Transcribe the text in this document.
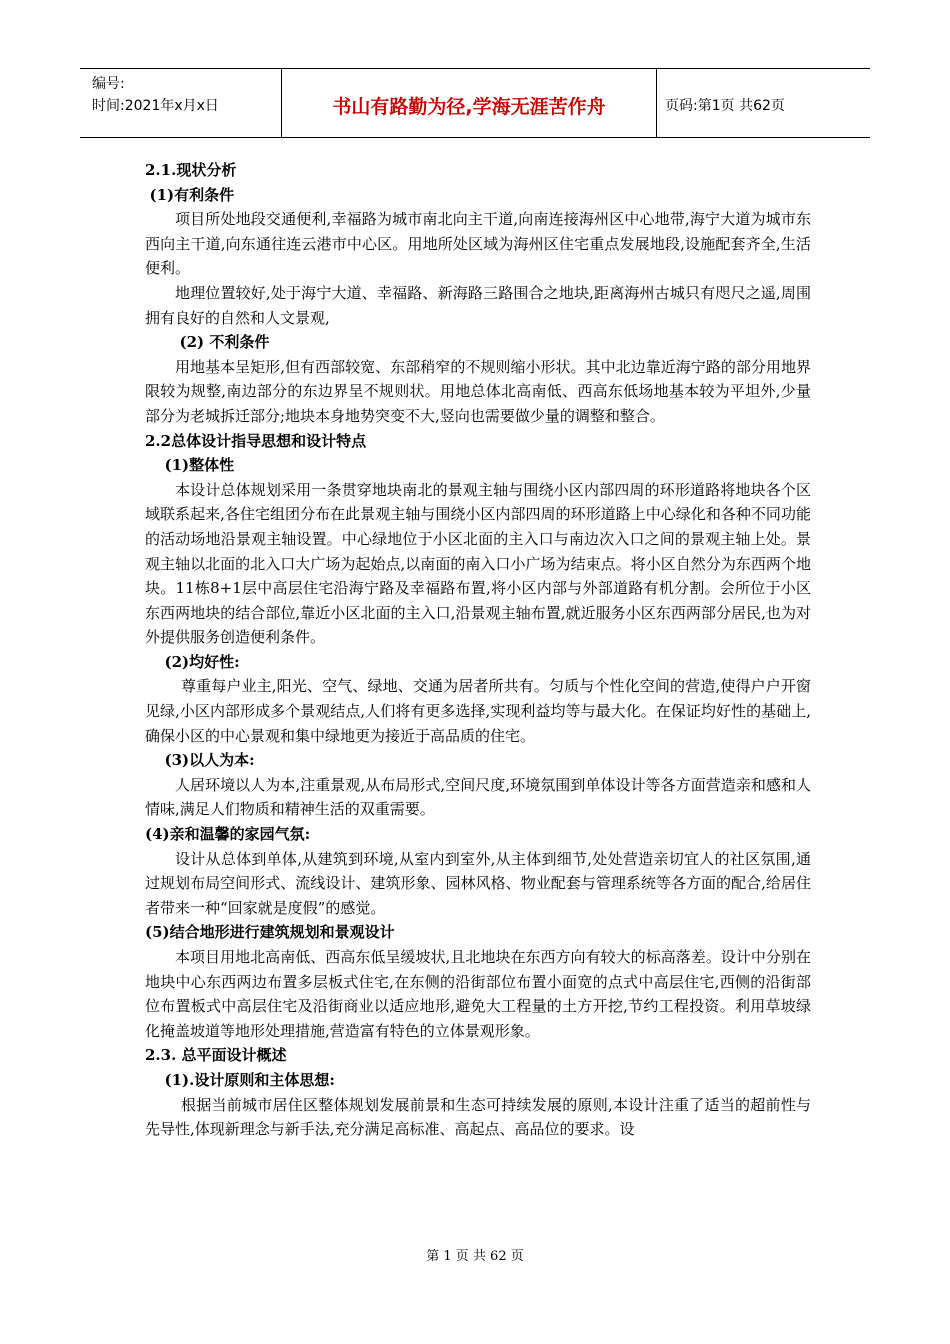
编号:
时间:2021年x月x日	书山有路勤为径,学海无涯苦作舟	页码:第1页 共62页

2.1.现状分析

(1)有利条件

项目所处地段交通便利,幸福路为城市南北向主干道,向南连接海州区中心地带,海宁大道为城市东西向主干道,向东通往连云港市中心区。用地所处区域为海州区住宅重点发展地段,设施配套齐全,生活便利。

地理位置较好,处于海宁大道、幸福路、新海路三路围合之地块,距离海州古城只有咫尺之遥,周围拥有良好的自然和人文景观,

(2) 不利条件

用地基本呈矩形,但有西部较宽、东部稍窄的不规则缩小形状。其中北边靠近海宁路的部分用地界限较为规整,南边部分的东边界呈不规则状。用地总体北高南低、西高东低场地基本较为平坦外,少量部分为老城拆迁部分;地块本身地势突变不大,竖向也需要做少量的调整和整合。

2.2总体设计指导思想和设计特点

(1)整体性

本设计总体规划采用一条贯穿地块南北的景观主轴与围绕小区内部四周的环形道路将地块各个区域联系起来,各住宅组团分布在此景观主轴与围绕小区内部四周的环形道路上中心绿化和各种不同功能的活动场地沿景观主轴设置。中心绿地位于小区北面的主入口与南边次入口之间的景观主轴上处。景观主轴以北面的北入口大广场为起始点,以南面的南入口小广场为结束点。将小区自然分为东西两个地块。11栋8+1层中高层住宅沿海宁路及幸福路布置,将小区内部与外部道路有机分割。会所位于小区东西两地块的结合部位,靠近小区北面的主入口,沿景观主轴布置,就近服务小区东西两部分居民,也为对外提供服务创造便利条件。

(2)均好性:

尊重每户业主,阳光、空气、绿地、交通为居者所共有。匀质与个性化空间的营造,使得户户开窗见绿,小区内部形成多个景观结点,人们将有更多选择,实现利益均等与最大化。在保证均好性的基础上,确保小区的中心景观和集中绿地更为接近于高品质的住宅。

(3)以人为本:

人居环境以人为本,注重景观,从布局形式,空间尺度,环境氛围到单体设计等各方面营造亲和感和人情味,满足人们物质和精神生活的双重需要。

(4)亲和温馨的家园气氛:

设计从总体到单体,从建筑到环境,从室内到室外,从主体到细节,处处营造亲切宜人的社区氛围,通过规划布局空间形式、流线设计、建筑形象、园林风格、物业配套与管理系统等各方面的配合,给居住者带来一种“回家就是度假”的感觉。

(5)结合地形进行建筑规划和景观设计

本项目用地北高南低、西高东低呈缓坡状,且北地块在东西方向有较大的标高落差。设计中分别在地块中心东西两边布置多层板式住宅,在东侧的沿街部位布置小面宽的点式中高层住宅,西侧的沿街部位布置板式中高层住宅及沿街商业以适应地形,避免大工程量的土方开挖,节约工程投资。利用草坡绿化掩盖坡道等地形处理措施,营造富有特色的立体景观形象。

2.3. 总平面设计概述

(1).设计原则和主体思想:

根据当前城市居住区整体规划发展前景和生态可持续发展的原则,本设计注重了适当的超前性与先导性,体现新理念与新手法,充分满足高标准、高起点、高品位的要求。设

第 1 页 共 62 页
